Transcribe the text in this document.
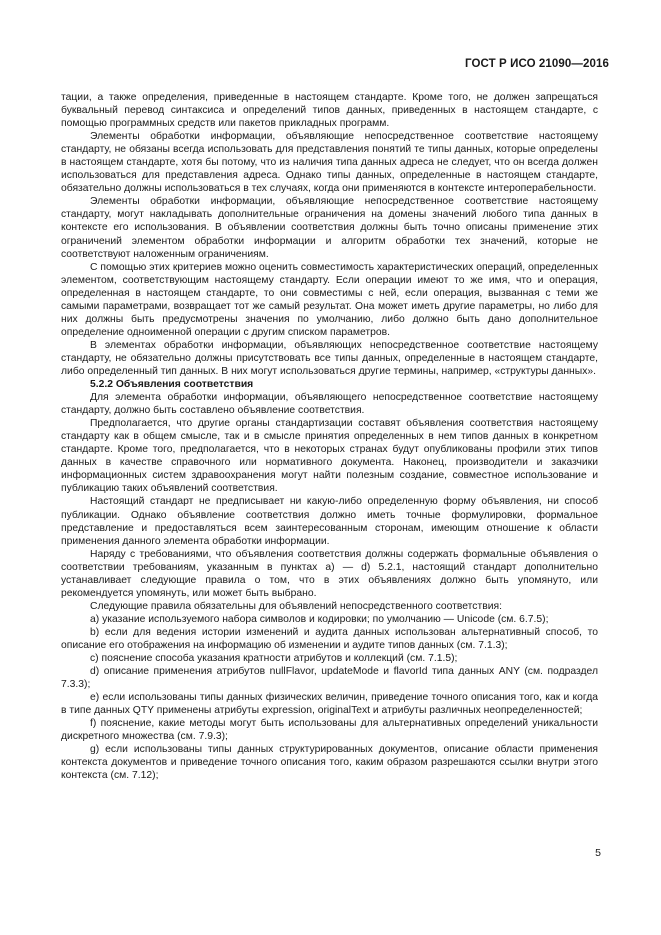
ГОСТ Р ИСО 21090—2016

тации, а также определения, приведенные в настоящем стандарте. Кроме того, не должен запрещаться буквальный перевод синтаксиса и определений типов данных, приведенных в настоящем стандарте, с помощью программных средств или пакетов прикладных программ.

Элементы обработки информации, объявляющие непосредственное соответствие настоящему стандарту, не обязаны всегда использовать для представления понятий те типы данных, которые определены в настоящем стандарте, хотя бы потому, что из наличия типа данных адреса не следует, что он всегда должен использоваться для представления адреса. Однако типы данных, определенные в настоящем стандарте, обязательно должны использоваться в тех случаях, когда они применяются в контексте интероперабельности.

Элементы обработки информации, объявляющие непосредственное соответствие настоящему стандарту, могут накладывать дополнительные ограничения на домены значений любого типа данных в контексте его использования. В объявлении соответствия должны быть точно описаны применение этих ограничений элементом обработки информации и алгоритм обработки тех значений, которые не соответствуют наложенным ограничениям.

С помощью этих критериев можно оценить совместимость характеристических операций, определенных элементом, соответствующим настоящему стандарту. Если операции имеют то же имя, что и операция, определенная в настоящем стандарте, то они совместимы с ней, если операция, вызванная с теми же самыми параметрами, возвращает тот же самый результат. Она может иметь другие параметры, но либо для них должны быть предусмотрены значения по умолчанию, либо должно быть дано дополнительное определение одноименной операции с другим списком параметров.

В элементах обработки информации, объявляющих непосредственное соответствие настоящему стандарту, не обязательно должны присутствовать все типы данных, определенные в настоящем стандарте, либо определенный тип данных. В них могут использоваться другие термины, например, «структуры данных».

5.2.2 Объявления соответствия

Для элемента обработки информации, объявляющего непосредственное соответствие настоящему стандарту, должно быть составлено объявление соответствия.

Предполагается, что другие органы стандартизации составят объявления соответствия настоящему стандарту как в общем смысле, так и в смысле принятия определенных в нем типов данных в конкретном стандарте. Кроме того, предполагается, что в некоторых странах будут опубликованы профили этих типов данных в качестве справочного или нормативного документа. Наконец, производители и заказчики информационных систем здравоохранения могут найти полезным создание, совместное использование и публикацию таких объявлений соответствия.

Настоящий стандарт не предписывает ни какую-либо определенную форму объявления, ни способ публикации. Однако объявление соответствия должно иметь точные формулировки, формальное представление и предоставляться всем заинтересованным сторонам, имеющим отношение к области применения данного элемента обработки информации.

Наряду с требованиями, что объявления соответствия должны содержать формальные объявления о соответствии требованиям, указанным в пунктах a) — d) 5.2.1, настоящий стандарт дополнительно устанавливает следующие правила о том, что в этих объявлениях должно быть упомянуто, или рекомендуется упомянуть, или может быть выбрано.

Следующие правила обязательны для объявлений непосредственного соответствия:

a) указание используемого набора символов и кодировки; по умолчанию — Unicode (см. 6.7.5);

b) если для ведения истории изменений и аудита данных использован альтернативный способ, то описание его отображения на информацию об изменении и аудите типов данных (см. 7.1.3);

c) пояснение способа указания кратности атрибутов и коллекций (см. 7.1.5);

d) описание применения атрибутов nullFlavor, updateMode и flavorId типа данных ANY (см. подраздел 7.3.3);

e) если использованы типы данных физических величин, приведение точного описания того, как и когда в типе данных QTY применены атрибуты expression, originalText и атрибуты различных неопределенностей;

f) пояснение, какие методы могут быть использованы для альтернативных определений уникальности дискретного множества (см. 7.9.3);

g) если использованы типы данных структурированных документов, описание области применения контекста документов и приведение точного описания того, каким образом разрешаются ссылки внутри этого контекста (см. 7.12);

5
